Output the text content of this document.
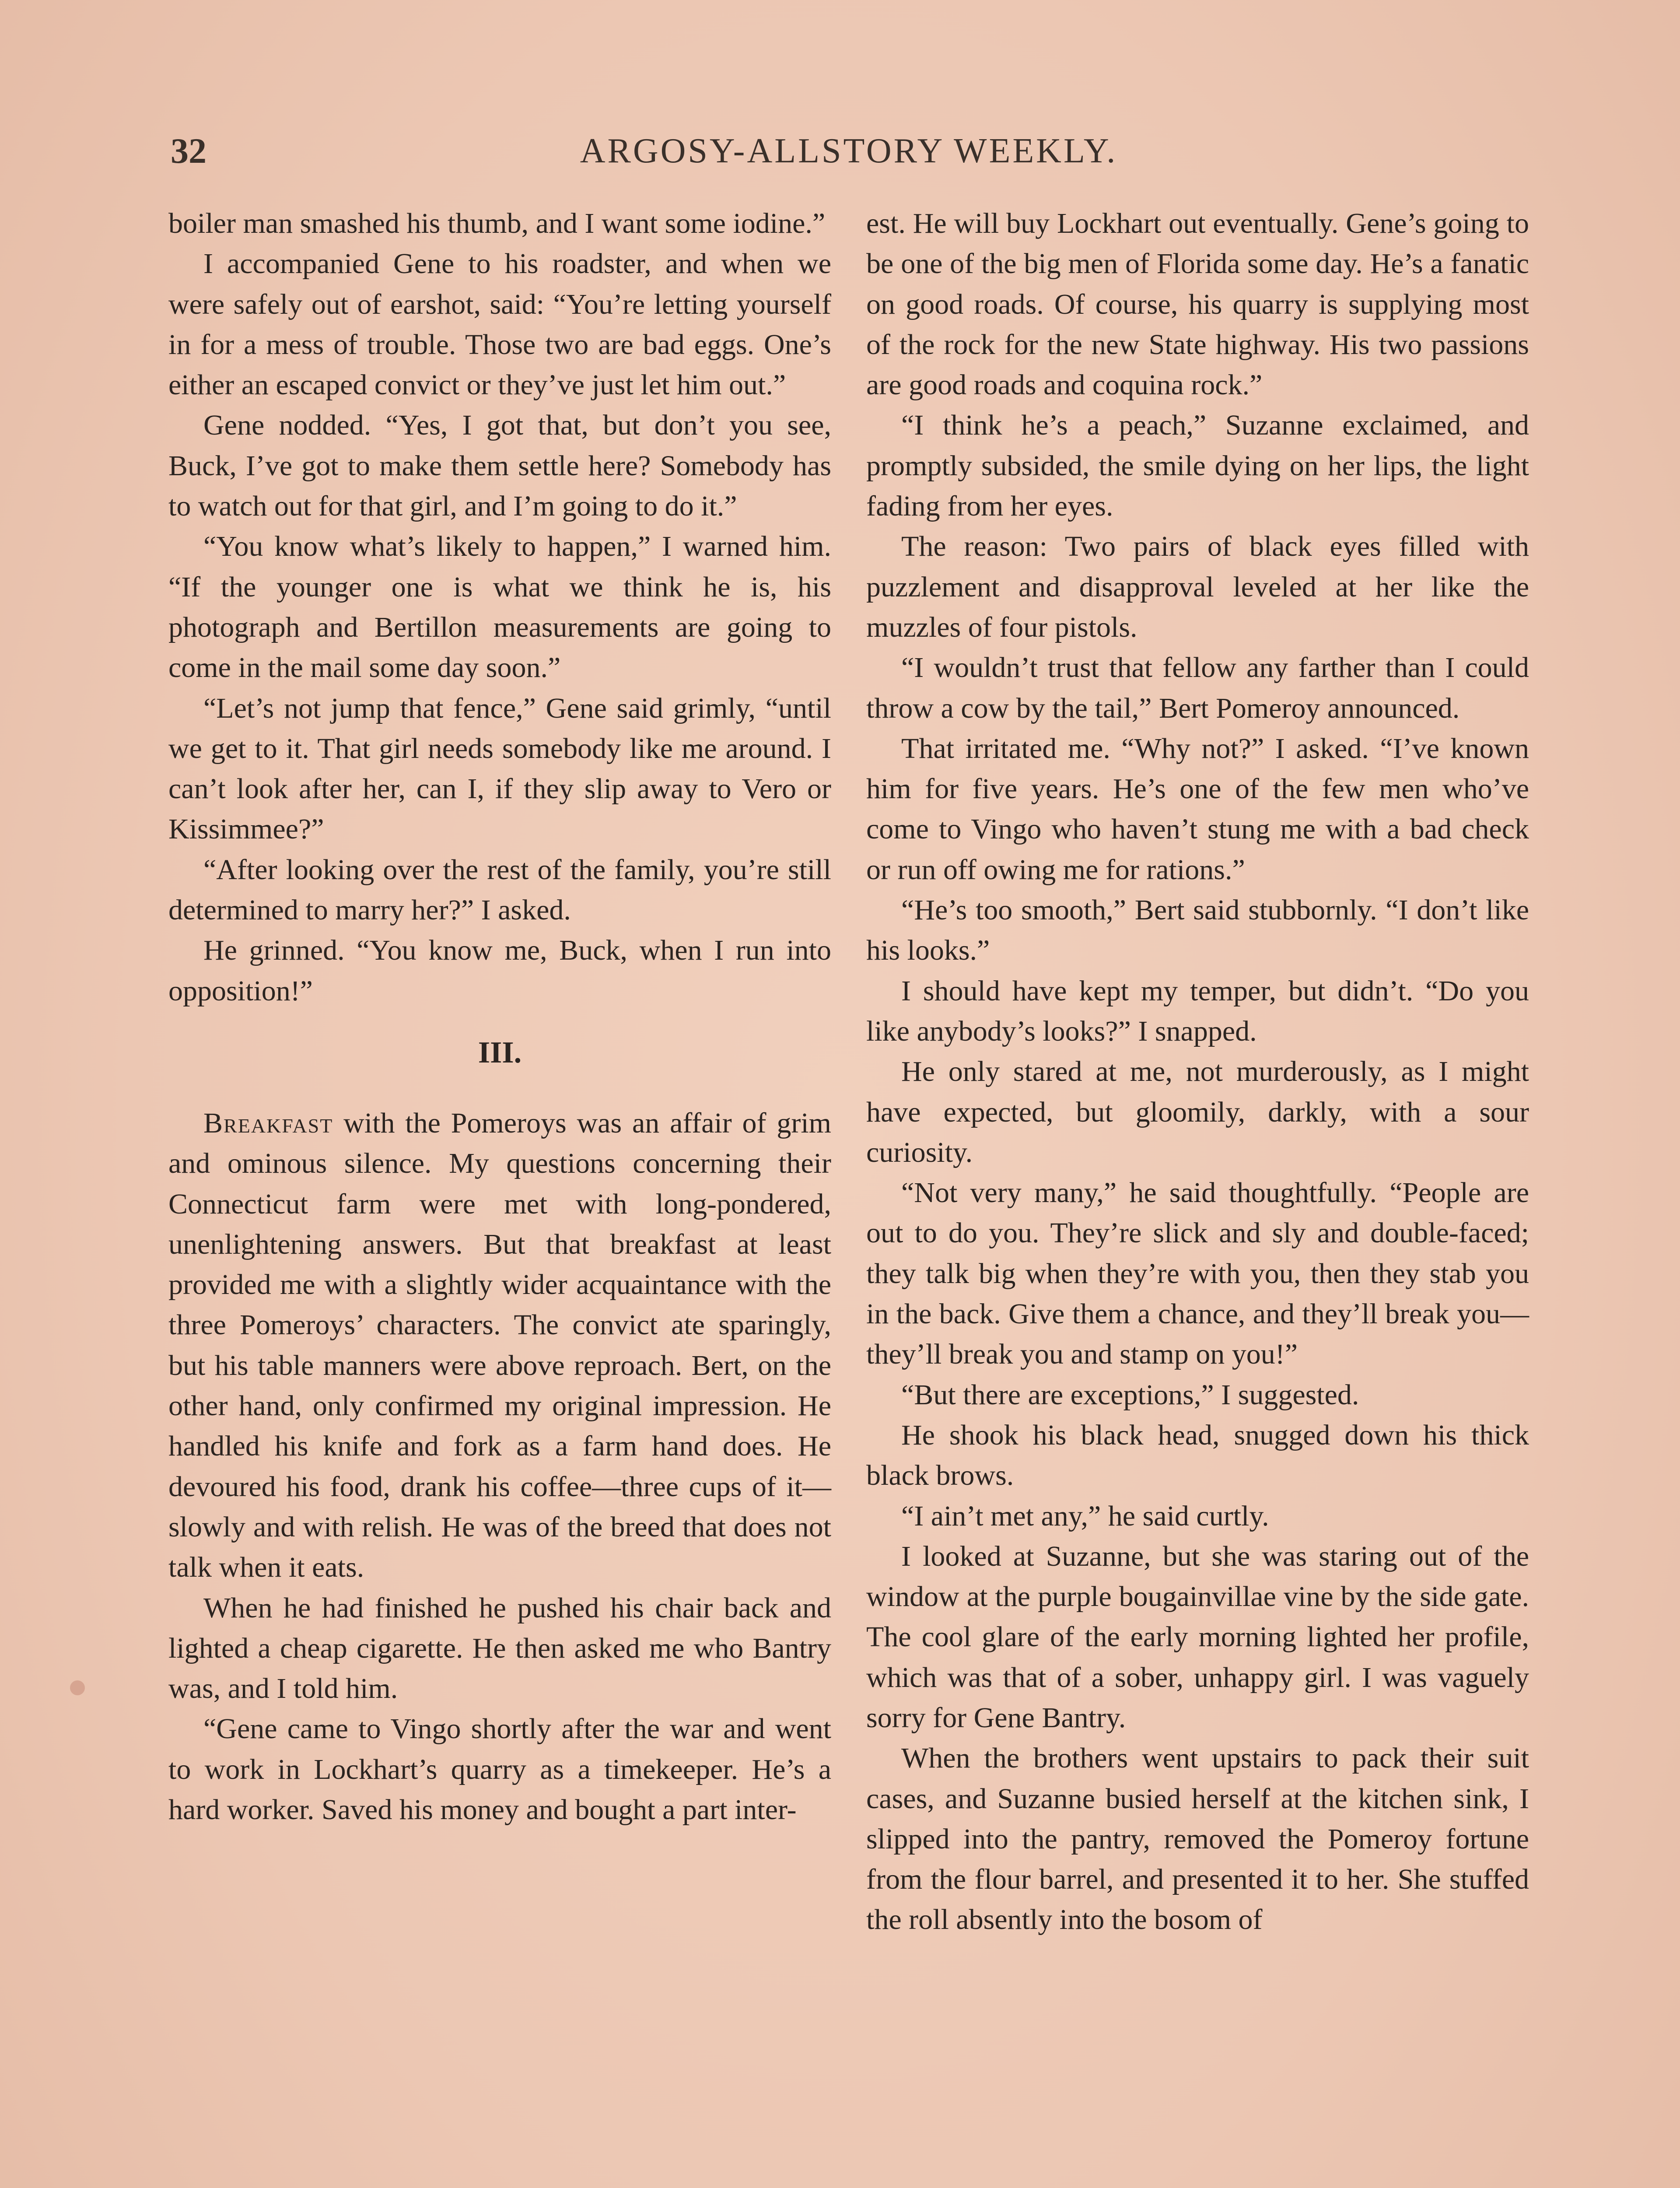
32	ARGOSY-ALLSTORY WEEKLY.

boiler man smashed his thumb, and I want some iodine.”

I accompanied Gene to his roadster, and when we were safely out of earshot, said: “You’re letting yourself in for a mess of trouble. Those two are bad eggs. One’s either an escaped convict or they’ve just let him out.”

Gene nodded. “Yes, I got that, but don’t you see, Buck, I’ve got to make them settle here? Somebody has to watch out for that girl, and I’m going to do it.”

“You know what’s likely to happen,” I warned him. “If the younger one is what we think he is, his photograph and Bertillon measurements are going to come in the mail some day soon.”

“Let’s not jump that fence,” Gene said grimly, “until we get to it. That girl needs somebody like me around. I can’t look after her, can I, if they slip away to Vero or Kissimmee?”

“After looking over the rest of the family, you’re still determined to marry her?” I asked.

He grinned. “You know me, Buck, when I run into opposition!”

III.

Breakfast with the Pomeroys was an affair of grim and ominous silence. My questions concerning their Connecticut farm were met with long-pondered, unenlightening answers. But that breakfast at least provided me with a slightly wider acquaintance with the three Pomeroys’ characters. The convict ate sparingly, but his table manners were above reproach. Bert, on the other hand, only confirmed my original impression. He handled his knife and fork as a farm hand does. He devoured his food, drank his coffee—three cups of it—slowly and with relish. He was of the breed that does not talk when it eats.

When he had finished he pushed his chair back and lighted a cheap cigarette. He then asked me who Bantry was, and I told him.

“Gene came to Vingo shortly after the war and went to work in Lockhart’s quarry as a timekeeper. He’s a hard worker. Saved his money and bought a part inter-

est. He will buy Lockhart out eventually. Gene’s going to be one of the big men of Florida some day. He’s a fanatic on good roads. Of course, his quarry is supplying most of the rock for the new State highway. His two passions are good roads and coquina rock.”

“I think he’s a peach,” Suzanne exclaimed, and promptly subsided, the smile dying on her lips, the light fading from her eyes.

The reason: Two pairs of black eyes filled with puzzlement and disapproval leveled at her like the muzzles of four pistols.

“I wouldn’t trust that fellow any farther than I could throw a cow by the tail,” Bert Pomeroy announced.

That irritated me. “Why not?” I asked. “I’ve known him for five years. He’s one of the few men who’ve come to Vingo who haven’t stung me with a bad check or run off owing me for rations.”

“He’s too smooth,” Bert said stubbornly. “I don’t like his looks.”

I should have kept my temper, but didn’t. “Do you like anybody’s looks?” I snapped.

He only stared at me, not murderously, as I might have expected, but gloomily, darkly, with a sour curiosity.

“Not very many,” he said thoughtfully. “People are out to do you. They’re slick and sly and double-faced; they talk big when they’re with you, then they stab you in the back. Give them a chance, and they’ll break you—they’ll break you and stamp on you!”

“But there are exceptions,” I suggested.

He shook his black head, snugged down his thick black brows.

“I ain’t met any,” he said curtly.

I looked at Suzanne, but she was staring out of the window at the purple bougainvillae vine by the side gate. The cool glare of the early morning lighted her profile, which was that of a sober, unhappy girl. I was vaguely sorry for Gene Bantry.

When the brothers went upstairs to pack their suit cases, and Suzanne busied herself at the kitchen sink, I slipped into the pantry, removed the Pomeroy fortune from the flour barrel, and presented it to her. She stuffed the roll absently into the bosom of
